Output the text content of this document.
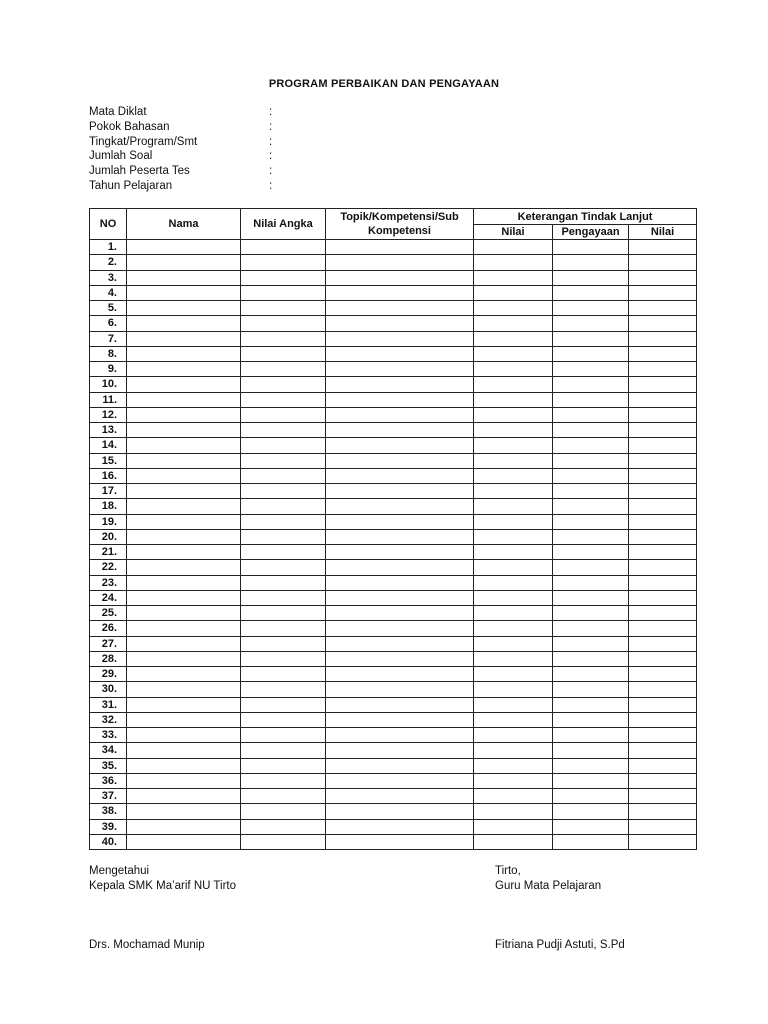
PROGRAM PERBAIKAN DAN PENGAYAAN
Mata Diklat	:
Pokok Bahasan	:
Tingkat/Program/Smt	:
Jumlah Soal	:
Jumlah Peserta Tes	:
Tahun Pelajaran	:
NO	Nama	Nilai Angka	Topik/Kompetensi/Sub Kompetensi	Keterangan Tindak Lanjut		
				Nilai	Pengayaan	Nilai
1.						
2.						
3.						
4.						
5.						
6.						
7.						
8.						
9.						
10.						
11.						
12.						
13.						
14.						
15.						
16.						
17.						
18.						
19.						
20.						
21.						
22.						
23.						
24.						
25.						
26.						
27.						
28.						
29.						
30.						
31.						
32.						
33.						
34.						
35.						
36.						
37.						
38.						
39.						
40.						
Mengetahui
Kepala SMK Ma’arif NU Tirto
Tirto,
Guru Mata Pelajaran
Drs. Mochamad Munip	Fitriana Pudji Astuti, S.Pd
